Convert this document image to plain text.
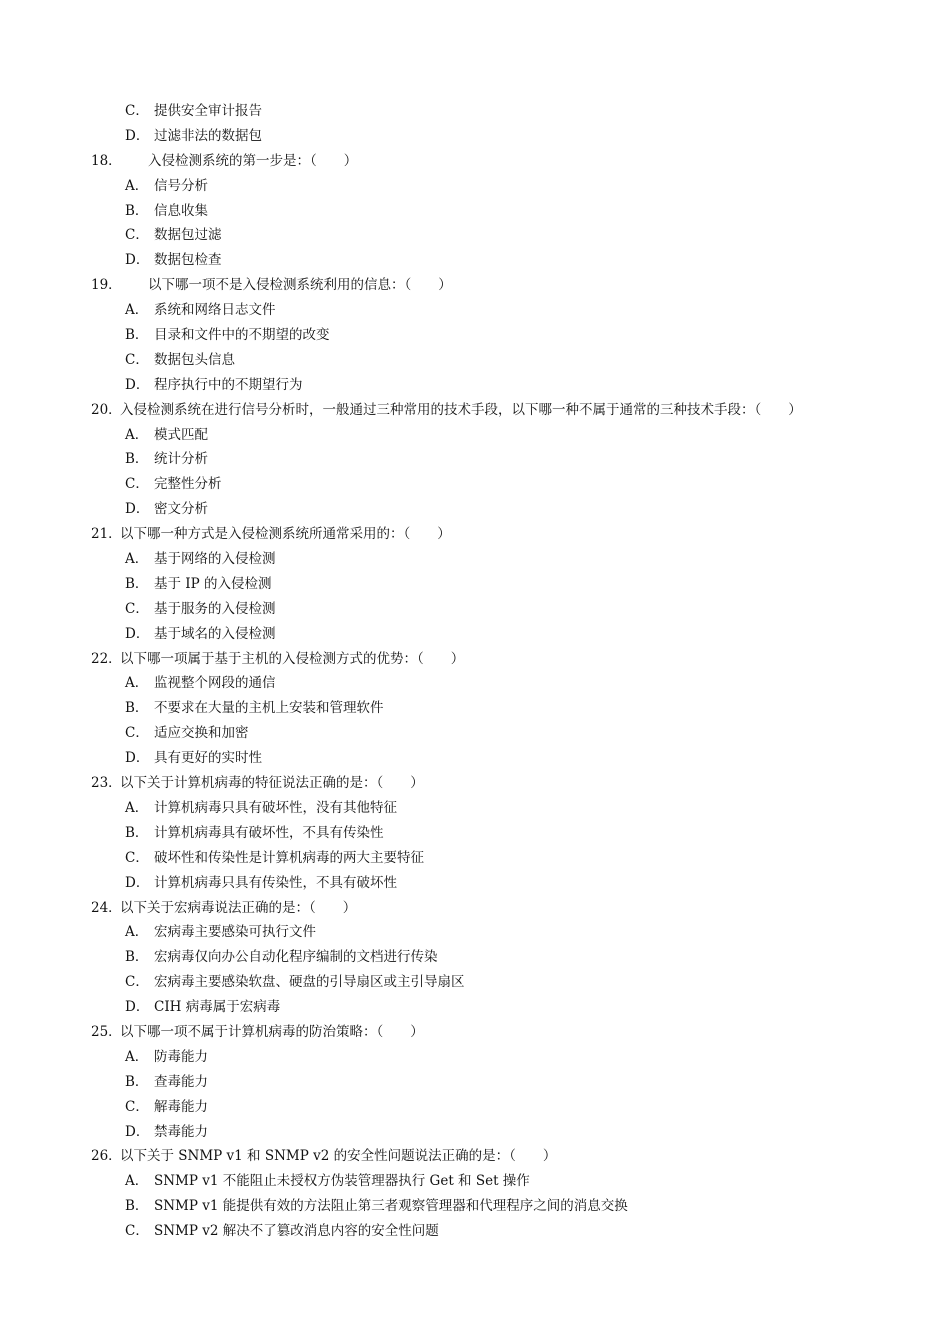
C． 提供安全审计报告
D． 过滤非法的数据包
18． 入侵检测系统的第一步是：（　　）
A． 信号分析
B． 信息收集
C． 数据包过滤
D． 数据包检查
19． 以下哪一项不是入侵检测系统利用的信息：（　　）
A． 系统和网络日志文件
B． 目录和文件中的不期望的改变
C． 数据包头信息
D． 程序执行中的不期望行为
20．
入侵检测系统在进行信号分析时，一般通过三种常用的技术手段，以下哪一种不属于通常的三种技术手段：（　　）
A． 模式匹配
B． 统计分析
C． 完整性分析
D． 密文分析
21．
以下哪一种方式是入侵检测系统所通常采用的：（　　）
A． 基于网络的入侵检测
B． 基于 IP 的入侵检测
C． 基于服务的入侵检测
D． 基于域名的入侵检测
22．
以下哪一项属于基于主机的入侵检测方式的优势：（　　）
A． 监视整个网段的通信
B． 不要求在大量的主机上安装和管理软件
C． 适应交换和加密
D． 具有更好的实时性
23．
以下关于计算机病毒的特征说法正确的是：（　　）
A． 计算机病毒只具有破坏性，没有其他特征
B． 计算机病毒具有破坏性，不具有传染性
C． 破坏性和传染性是计算机病毒的两大主要特征
D． 计算机病毒只具有传染性，不具有破坏性
24．
以下关于宏病毒说法正确的是：（　　）
A． 宏病毒主要感染可执行文件
B． 宏病毒仅向办公自动化程序编制的文档进行传染
C． 宏病毒主要感染软盘、硬盘的引导扇区或主引导扇区
D． CIH 病毒属于宏病毒
25．
以下哪一项不属于计算机病毒的防治策略：（　　）
A． 防毒能力
B． 查毒能力
C． 解毒能力
D． 禁毒能力
26．
以下关于 SNMP v1 和 SNMP v2 的安全性问题说法正确的是：（　　）
A． SNMP v1 不能阻止未授权方伪装管理器执行 Get 和 Set 操作
B． SNMP v1 能提供有效的方法阻止第三者观察管理器和代理程序之间的消息交换
C． SNMP v2 解决不了篡改消息内容的安全性问题
